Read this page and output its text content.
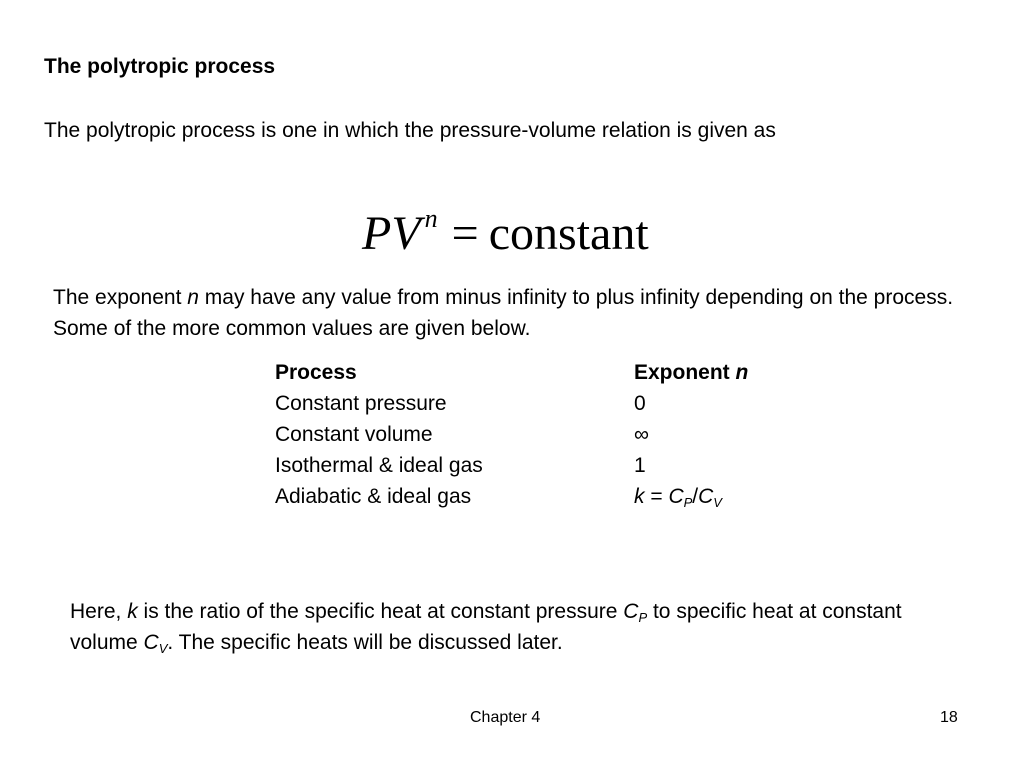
The polytropic process
The polytropic process is one in which the pressure-volume relation is given as
PV $^n$ = constant
The exponent n may have any value from minus infinity to plus infinity depending on the process. Some of the more common values are given below.
Process	Exponent n
Constant pressure	0
Constant volume	∞
Isothermal & ideal gas	1
Adiabatic & ideal gas	$k = C_P/C_V$
Here, k is the ratio of the specific heat at constant pressure $C_P$ to specific heat at constant volume $C_V$. The specific heats will be discussed later.
Chapter 4	18
